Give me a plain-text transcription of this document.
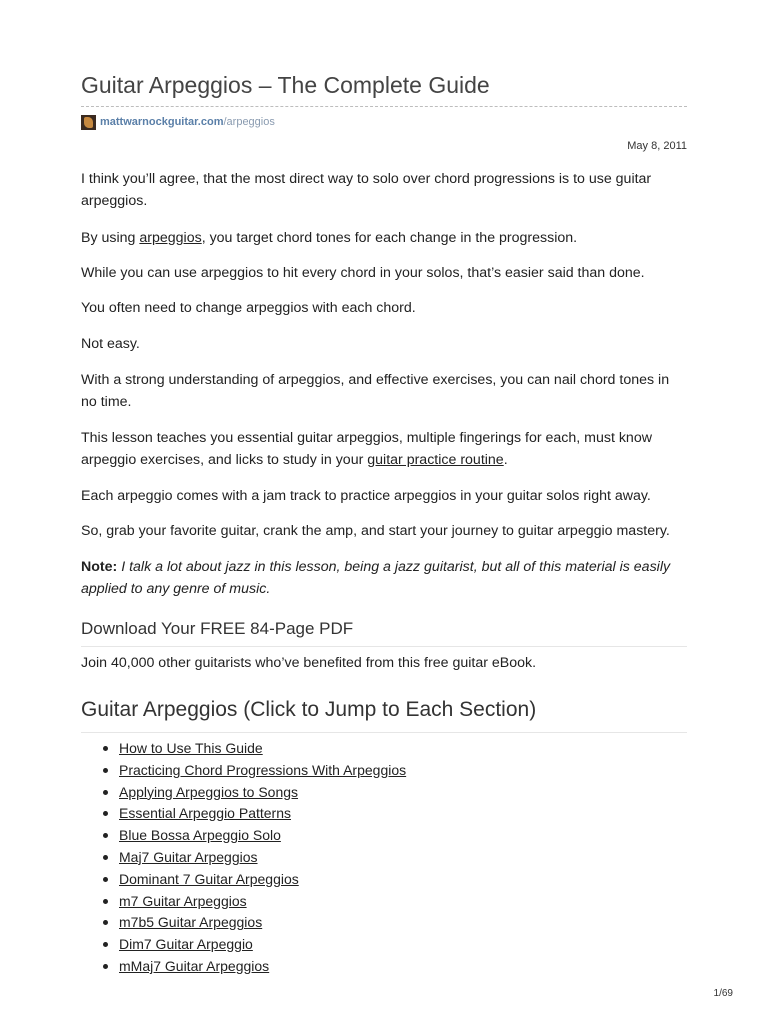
Guitar Arpeggios – The Complete Guide
mattwarnockguitar.com /arpeggios
May 8, 2011

I think you’ll agree, that the most direct way to solo over chord progressions is to use guitar arpeggios.

By using arpeggios, you target chord tones for each change in the progression.

While you can use arpeggios to hit every chord in your solos, that’s easier said than done.

You often need to change arpeggios with each chord.

Not easy.

With a strong understanding of arpeggios, and effective exercises, you can nail chord tones in no time.

This lesson teaches you essential guitar arpeggios, multiple fingerings for each, must know arpeggio exercises, and licks to study in your guitar practice routine.

Each arpeggio comes with a jam track to practice arpeggios in your guitar solos right away.

So, grab your favorite guitar, crank the amp, and start your journey to guitar arpeggio mastery.

Note: I talk a lot about jazz in this lesson, being a jazz guitarist, but all of this material is easily applied to any genre of music.

Download Your FREE 84-Page PDF

Join 40,000 other guitarists who’ve benefited from this free guitar eBook.

Guitar Arpeggios (Click to Jump to Each Section)
How to Use This Guide
Practicing Chord Progressions With Arpeggios
Applying Arpeggios to Songs
Essential Arpeggio Patterns
Blue Bossa Arpeggio Solo
Maj7 Guitar Arpeggios
Dominant 7 Guitar Arpeggios
m7 Guitar Arpeggios
m7b5 Guitar Arpeggios
Dim7 Guitar Arpeggio
mMaj7 Guitar Arpeggios
1/69
